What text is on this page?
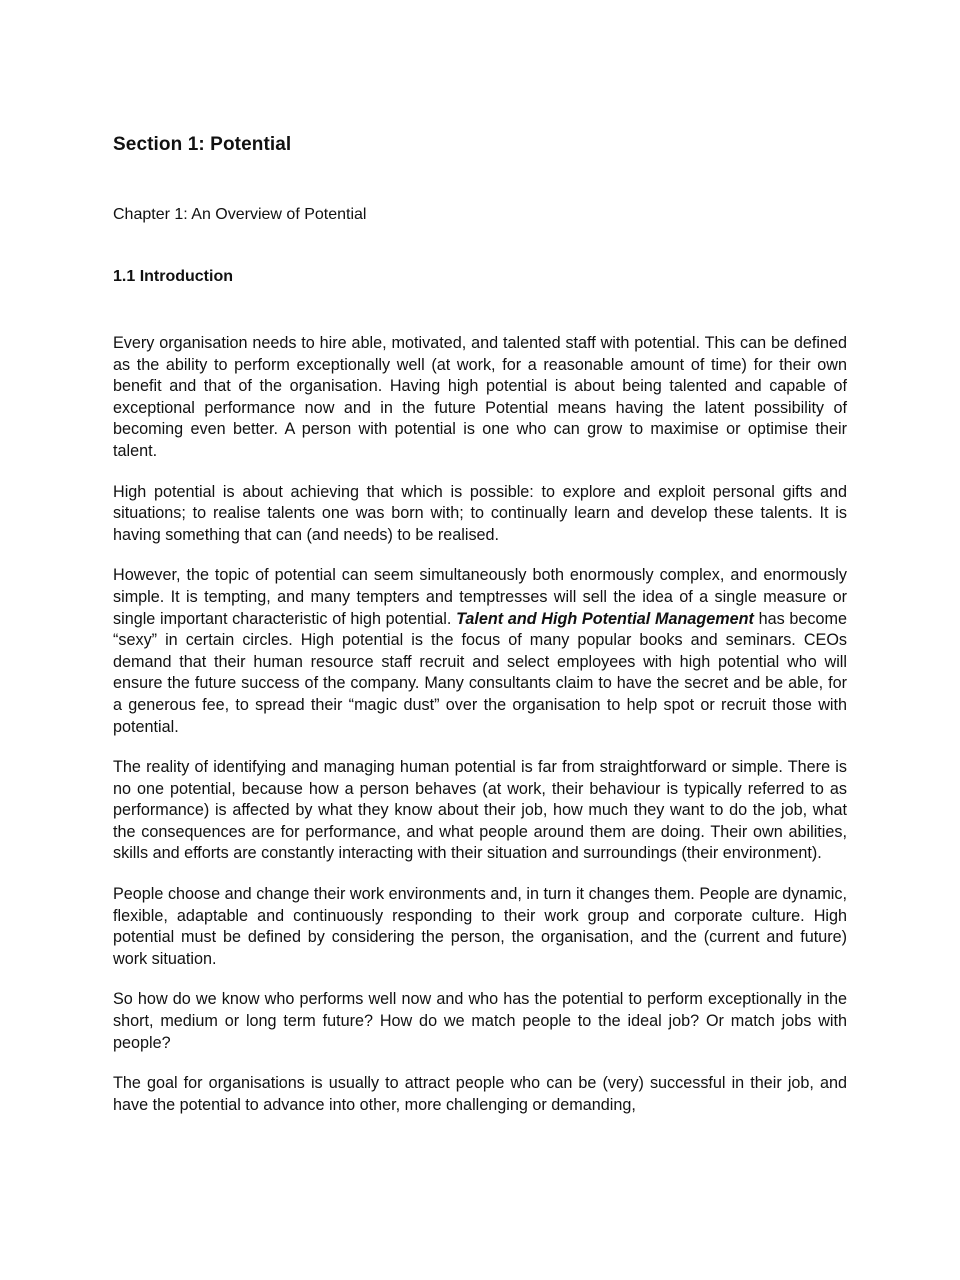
Section 1: Potential
Chapter 1: An Overview of Potential
1.1 Introduction

Every organisation needs to hire able, motivated, and talented staff with potential. This can be defined as the ability to perform exceptionally well (at work, for a reasonable amount of time) for their own benefit and that of the organisation. Having high potential is about being talented and capable of exceptional performance now and in the future Potential means having the latent possibility of becoming even better. A person with potential is one who can grow to maximise or optimise their talent.

High potential is about achieving that which is possible: to explore and exploit personal gifts and situations; to realise talents one was born with; to continually learn and develop these talents. It is having something that can (and needs) to be realised.

However, the topic of potential can seem simultaneously both enormously complex, and enormously simple. It is tempting, and many tempters and temptresses will sell the idea of a single measure or single important characteristic of high potential. Talent and High Potential Management has become “sexy” in certain circles. High potential is the focus of many popular books and seminars. CEOs demand that their human resource staff recruit and select employees with high potential who will ensure the future success of the company. Many consultants claim to have the secret and be able, for a generous fee, to spread their “magic dust” over the organisation to help spot or recruit those with potential.

The reality of identifying and managing human potential is far from straightforward or simple. There is no one potential, because how a person behaves (at work, their behaviour is typically referred to as performance) is affected by what they know about their job, how much they want to do the job, what the consequences are for performance, and what people around them are doing. Their own abilities, skills and efforts are constantly interacting with their situation and surroundings (their environment).

People choose and change their work environments and, in turn it changes them. People are dynamic, flexible, adaptable and continuously responding to their work group and corporate culture. High potential must be defined by considering the person, the organisation, and the (current and future) work situation.

So how do we know who performs well now and who has the potential to perform exceptionally in the short, medium or long term future? How do we match people to the ideal job? Or match jobs with people?

The goal for organisations is usually to attract people who can be (very) successful in their job, and have the potential to advance into other, more challenging or demanding,
